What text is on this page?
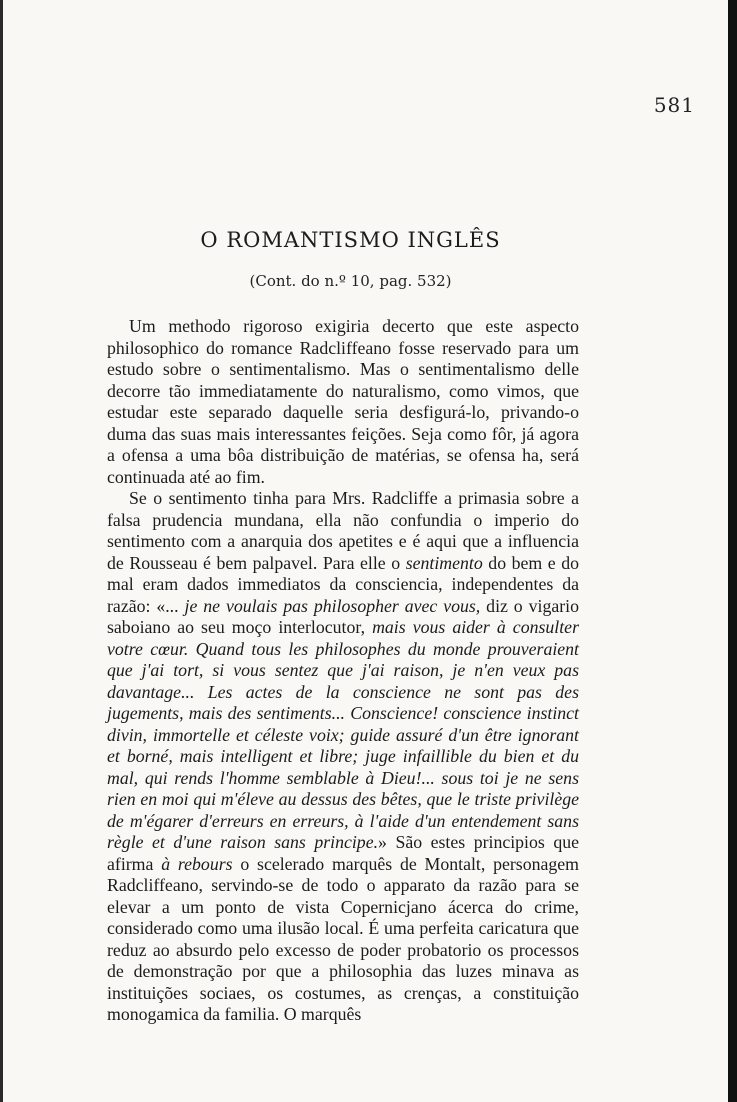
581
O ROMANTISMO INGLÊS
(Cont. do n.º 10, pag. 532)

Um methodo rigoroso exigiria decerto que este aspecto philosophico do romance Radcliffeano fosse reservado para um estudo sobre o sentimentalismo. Mas o sentimentalismo delle decorre tão immediatamente do naturalismo, como vimos, que estudar este separado daquelle seria desfigurá-lo, privando-o duma das suas mais interessantes feições. Seja como fôr, já agora a ofensa a uma bôa distribuição de matérias, se ofensa ha, será continuada até ao fim.

Se o sentimento tinha para Mrs. Radcliffe a primasia sobre a falsa prudencia mundana, ella não confundia o imperio do sentimento com a anarquia dos apetites e é aqui que a influencia de Rousseau é bem palpavel. Para elle o sentimento do bem e do mal eram dados immediatos da consciencia, independentes da razão: «... je ne voulais pas philosopher avec vous, diz o vigario saboiano ao seu moço interlocutor, mais vous aider à consulter votre cœur. Quand tous les philosophes du monde prouveraient que j'ai tort, si vous sentez que j'ai raison, je n'en veux pas davantage... Les actes de la conscience ne sont pas des jugements, mais des sentiments... Conscience! conscience instinct divin, immortelle et céleste voix; guide assuré d'un être ignorant et borné, mais intelligent et libre; juge infaillible du bien et du mal, qui rends l'homme semblable à Dieu!... sous toi je ne sens rien en moi qui m'éleve au dessus des bêtes, que le triste privilège de m'égarer d'erreurs en erreurs, à l'aide d'un entendement sans règle et d'une raison sans principe.» São estes principios que afirma à rebours o scelerado marquês de Montalt, personagem Radcliffeano, servindo-se de todo o apparato da razão para se elevar a um ponto de vista Copernicjano ácerca do crime, considerado como uma ilusão local. É uma perfeita caricatura que reduz ao absurdo pelo excesso de poder probatorio os processos de demonstração por que a philosophia das luzes minava as instituições sociaes, os costumes, as crenças, a constituição monogamica da familia. O marquês
